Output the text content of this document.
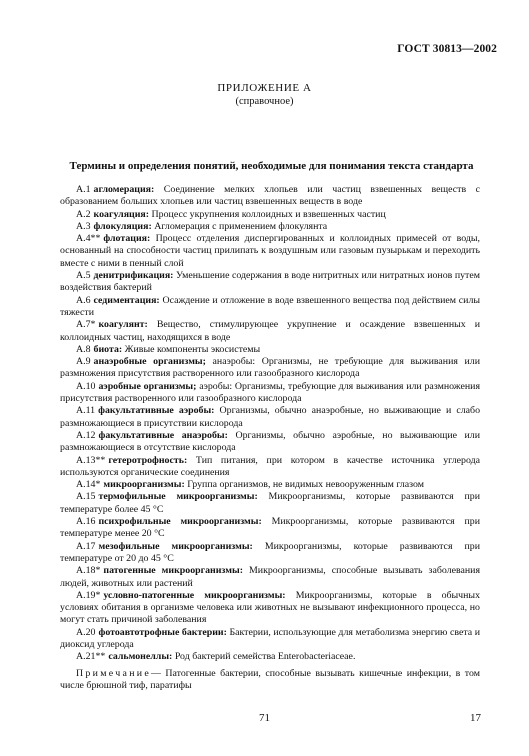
ГОСТ 30813—2002
ПРИЛОЖЕНИЕ А
(справочное)
Термины и определения понятий, необходимые для понимания текста стандарта

A.1 агломерация: Соединение мелких хлопьев или частиц взвешенных веществ с образованием больших хлопьев или частиц взвешенных веществ в воде

A.2 коагуляция: Процесс укрупнения коллоидных и взвешенных частиц

A.3 флокуляция: Агломерация с применением флокулянта

A.4** флотация: Процесс отделения диспергированных и коллоидных примесей от воды, основанный на способности частиц прилипать к воздушным или газовым пузырькам и переходить вместе с ними в пенный слой

A.5 денитрификация: Уменьшение содержания в воде нитритных или нитратных ионов путем воздействия бактерий

A.6 седиментация: Осаждение и отложение в воде взвешенного вещества под действием силы тяжести

A.7* коагулянт: Вещество, стимулирующее укрупнение и осаждение взвешенных и коллоидных частиц, находящихся в воде

A.8 биота: Живые компоненты экосистемы

A.9 анаэробные организмы; анаэробы: Организмы, не требующие для выживания или размножения присутствия растворенного или газообразного кислорода

A.10 аэробные организмы; аэробы: Организмы, требующие для выживания или размножения присутствия растворенного или газообразного кислорода

A.11 факультативные аэробы: Организмы, обычно анаэробные, но выживающие и слабо размножающиеся в присутствии кислорода

A.12 факультативные анаэробы: Организмы, обычно аэробные, но выживающие или размножающиеся в отсутствие кислорода

A.13** гетеротрофность: Тип питания, при котором в качестве источника углерода используются органические соединения

A.14* микроорганизмы: Группа организмов, не видимых невооруженным глазом

A.15 термофильные микроорганизмы: Микроорганизмы, которые развиваются при температуре более 45 °С

A.16 психрофильные микроорганизмы: Микроорганизмы, которые развиваются при температуре менее 20 °С

A.17 мезофильные микроорганизмы: Микроорганизмы, которые развиваются при температуре от 20 до 45 °С

A.18* патогенные микроорганизмы: Микроорганизмы, способные вызывать заболевания людей, животных или растений

A.19* условно-патогенные микроорганизмы: Микроорганизмы, которые в обычных условиях обитания в организме человека или животных не вызывают инфекционного процесса, но могут стать причиной заболевания

A.20 фотоавтотрофные бактерии: Бактерии, использующие для метаболизма энергию света и диоксид углерода

A.21** сальмонеллы: Род бактерий семейства Enterobacteriaceae.

Примечание— Патогенные бактерии, способные вызывать кишечные инфекции, в том числе брюшной тиф, паратифы

71	17
